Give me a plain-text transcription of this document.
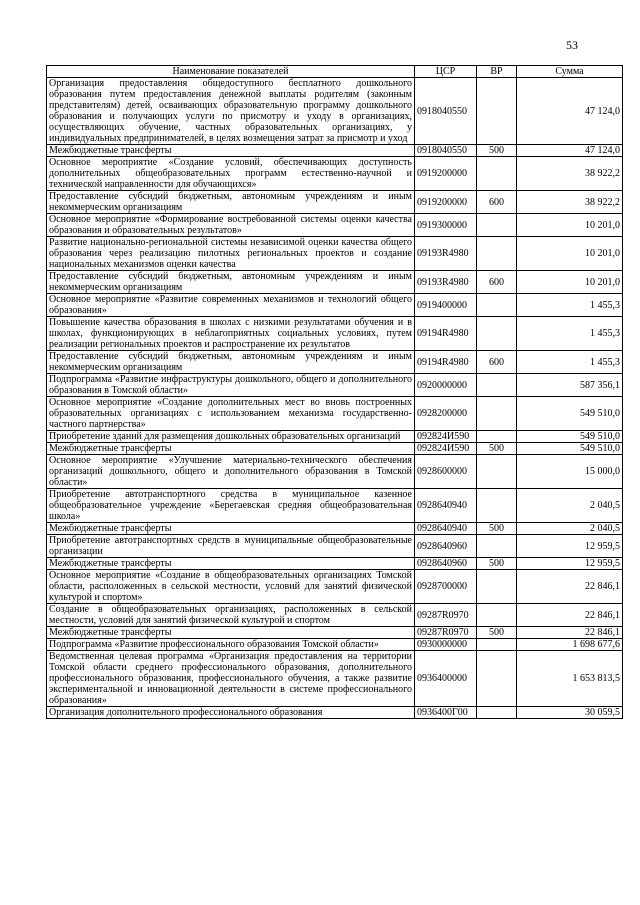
53
Наименование показателей	ЦСР	ВР	Сумма
Организация предоставления общедоступного бесплатного дошкольного образования путем предоставления денежной выплаты родителям (законным представителям) детей, осваивающих образовательную программу дошкольного образования и получающих услуги по присмотру и уходу в организациях, осуществляющих обучение, частных образовательных организациях, у индивидуальных предпринимателей, в целях возмещения затрат за присмотр и уход	0918040550		47 124,0
Межбюджетные трансферты	0918040550	500	47 124,0
Основное мероприятие «Создание условий, обеспечивающих доступность дополнительных общеобразовательных программ естественно-научной и технической направленности для обучающихся»	0919200000		38 922,2
Предоставление субсидий бюджетным, автономным учреждениям и иным некоммерческим организациям	0919200000	600	38 922,2
Основное мероприятие «Формирование востребованной системы оценки качества образования и образовательных результатов»	0919300000		10 201,0
Развитие национально-региональной системы независимой оценки качества общего образования через реализацию пилотных региональных проектов и создание национальных механизмов оценки качества	09193R4980		10 201,0
Предоставление субсидий бюджетным, автономным учреждениям и иным некоммерческим организациям	09193R4980	600	10 201,0
Основное мероприятие «Развитие современных механизмов и технологий общего образования»	0919400000		1 455,3
Повышение качества образования в школах с низкими результатами обучения и в школах, функционирующих в неблагоприятных социальных условиях, путем реализации региональных проектов и распространение их результатов	09194R4980		1 455,3
Предоставление субсидий бюджетным, автономным учреждениям и иным некоммерческим организациям	09194R4980	600	1 455,3
Подпрограмма «Развитие инфраструктуры дошкольного, общего и дополнительного образования в Томской области»	0920000000		587 356,1
Основное мероприятие «Создание дополнительных мест во вновь построенных образовательных организациях с использованием механизма государственно-частного партнерства»	0928200000		549 510,0
Приобретение зданий для размещения дошкольных образовательных организаций	092824И590		549 510,0
Межбюджетные трансферты	092824И590	500	549 510,0
Основное мероприятие «Улучшение материально-технического обеспечения организаций дошкольного, общего и дополнительного образования в Томской области»	0928600000		15 000,0
Приобретение автотранспортного средства в муниципальное казенное общеобразовательное учреждение «Берегаевская средняя общеобразовательная школа»	0928640940		2 040,5
Межбюджетные трансферты	0928640940	500	2 040,5
Приобретение автотранспортных средств в муниципальные общеобразовательные организации	0928640960		12 959,5
Межбюджетные трансферты	0928640960	500	12 959,5
Основное мероприятие «Создание в общеобразовательных организациях Томской области, расположенных в сельской местности, условий для занятий физической культурой и спортом»	0928700000		22 846,1
Создание в общеобразовательных организациях, расположенных в сельской местности, условий для занятий физической культурой и спортом	09287R0970		22 846,1
Межбюджетные трансферты	09287R0970	500	22 846,1
Подпрограмма «Развитие профессионального образования Томской области»	0930000000		1 698 677,6
Ведомственная целевая программа «Организация предоставления на территории Томской области среднего профессионального образования, дополнительного профессионального образования, профессионального обучения, а также развитие экспериментальной и инновационной деятельности в системе профессионального образования»	0936400000		1 653 813,5
Организация дополнительного профессионального образования	0936400Г00		30 059,5
